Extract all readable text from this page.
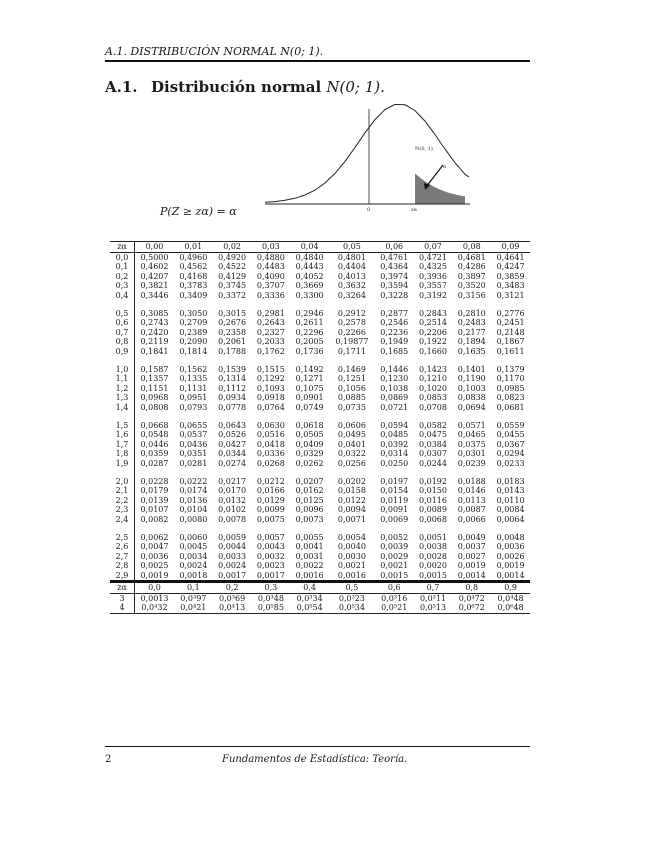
A.1. DISTRIBUCIÓN NORMAL N(0; 1).
A.1. Distribución normal N(0; 1).
N(0, 1)
α
0	zα
P(Z ≥ zα) = α
zα	0,00	0,01	0,02	0,03	0,04	0,05	0,06	0,07	0,08	0,09
0,0	0,5000	0,4960	0,4920	0,4880	0,4840	0,4801	0,4761	0,4721	0,4681	0,4641
0,1	0,4602	0,4562	0,4522	0,4483	0,4443	0,4404	0,4364	0,4325	0,4286	0,4247
0,2	0,4207	0,4168	0,4129	0,4090	0,4052	0,4013	0,3974	0,3936	0,3897	0,3859
0,3	0,3821	0,3783	0,3745	0,3707	0,3669	0,3632	0,3594	0,3557	0,3520	0,3483
0,4	0,3446	0,3409	0,3372	0,3336	0,3300	0,3264	0,3228	0,3192	0,3156	0,3121

0,5	0,3085	0,3050	0,3015	0,2981	0,2946	0,2912	0,2877	0,2843	0,2810	0,2776
0,6	0,2743	0,2709	0,2676	0,2643	0,2611	0,2578	0,2546	0,2514	0,2483	0,2451
0,7	0,2420	0,2389	0,2358	0,2327	0,2296	0,2266	0,2236	0,2206	0,2177	0,2148
0,8	0,2119	0,2090	0,2061	0,2033	0,2005	0,19877	0,1949	0,1922	0,1894	0,1867
0,9	0,1841	0,1814	0,1788	0,1762	0,1736	0,1711	0,1685	0,1660	0,1635	0,1611

1,0	0,1587	0,1562	0,1539	0,1515	0,1492	0,1469	0,1446	0,1423	0,1401	0,1379
1,1	0,1357	0,1335	0,1314	0,1292	0,1271	0,1251	0,1230	0,1210	0,1190	0,1170
1,2	0,1151	0,1131	0,1112	0,1093	0,1075	0,1056	0,1038	0,1020	0,1003	0,0985
1,3	0,0968	0,0951	0,0934	0,0918	0,0901	0,0885	0,0869	0,0853	0,0838	0,0823
1,4	0,0808	0,0793	0,0778	0,0764	0,0749	0,0735	0,0721	0,0708	0,0694	0,0681

1,5	0,0668	0,0655	0,0643	0,0630	0,0618	0,0606	0,0594	0,0582	0,0571	0,0559
1,6	0,0548	0,0537	0,0526	0,0516	0,0505	0,0495	0,0485	0,0475	0,0465	0,0455
1,7	0,0446	0,0436	0,0427	0,0418	0,0409	0,0401	0,0392	0,0384	0,0375	0,0367
1,8	0,0359	0,0351	0,0344	0,0336	0,0329	0,0322	0,0314	0,0307	0,0301	0,0294
1,9	0,0287	0,0281	0,0274	0,0268	0,0262	0,0256	0,0250	0,0244	0,0239	0,0233

2,0	0,0228	0,0222	0,0217	0,0212	0,0207	0,0202	0,0197	0,0192	0,0188	0,0183
2,1	0,0179	0,0174	0,0170	0,0166	0,0162	0,0158	0,0154	0,0150	0,0146	0,0143
2,2	0,0139	0,0136	0,0132	0,0129	0,0125	0,0122	0,0119	0,0116	0,0113	0,0110
2,3	0,0107	0,0104	0,0102	0,0099	0,0096	0,0094	0,0091	0,0089	0,0087	0,0084
2,4	0,0082	0,0080	0,0078	0,0075	0,0073	0,0071	0,0069	0,0068	0,0066	0,0064

2,5	0,0062	0,0060	0,0059	0,0057	0,0055	0,0054	0,0052	0,0051	0,0049	0,0048
2,6	0,0047	0,0045	0,0044	0,0043	0,0041	0,0040	0,0039	0,0038	0,0037	0,0036
2,7	0,0036	0,0034	0,0033	0,0032	0,0031	0,0030	0,0029	0,0028	0,0027	0,0026
2,8	0,0025	0,0024	0,0024	0,0023	0,0022	0,0021	0,0021	0,0020	0,0019	0,0019
2,9	0,0019	0,0018	0,0017	0,0017	0,0016	0,0016	0,0015	0,0015	0,0014	0,0014
zα	0,0	0,1	0,2	0,3	0,4	0,5	0,6	0,7	0,8	0,9
3	0,0013	0,0³97	0,0³69	0,0³48	0,0³34	0,0³23	0,0³16	0,0³11	0,0⁴72	0,0⁴48
4	0,0⁴32	0,0⁴21	0,0⁴13	0,0⁵85	0,0⁵54	0,0⁵34	0,0⁵21	0,0⁵13	0,0⁶72	0,0⁶48
2	Fundamentos de Estadística: Teoría.
